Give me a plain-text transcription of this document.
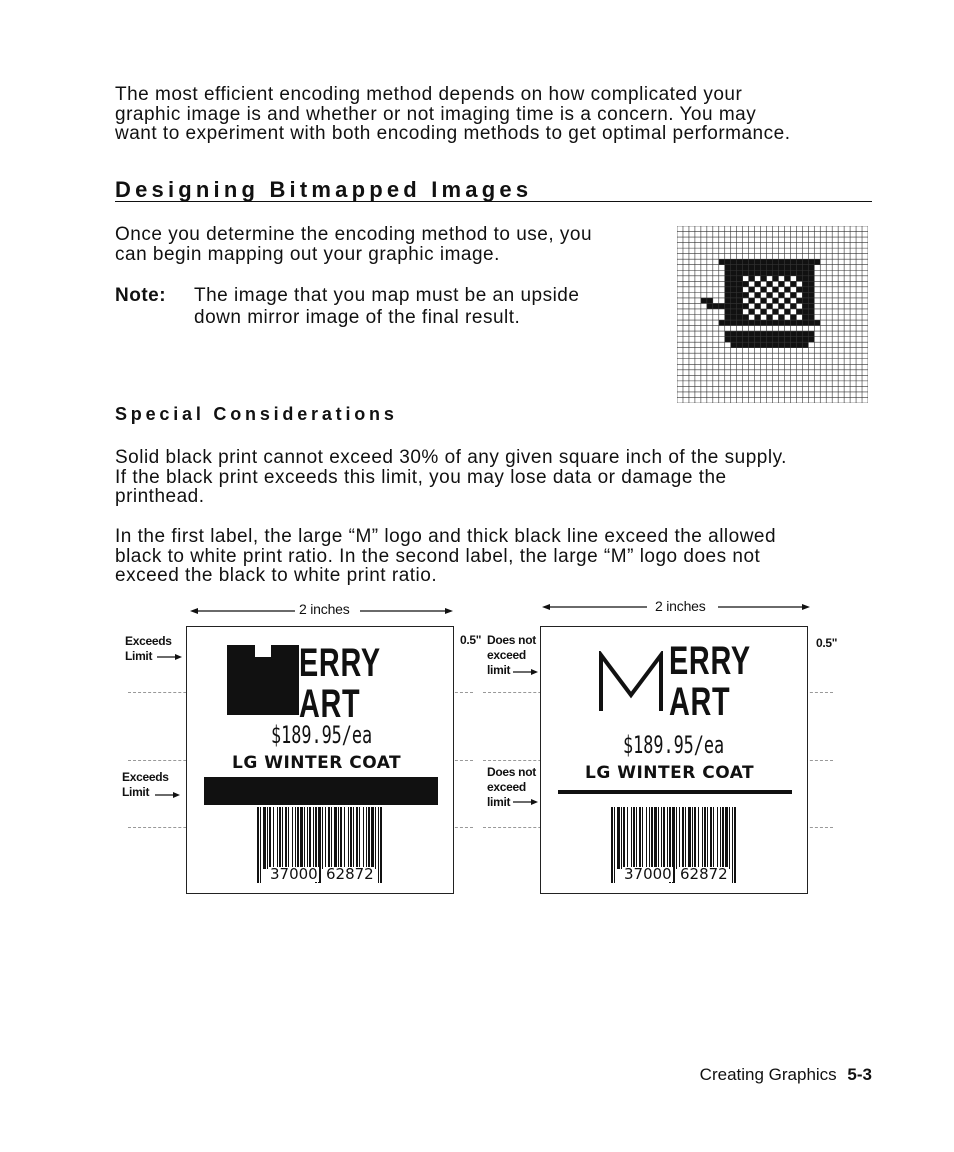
The most efficient encoding method depends on how complicated your
graphic image is and whether or not imaging time is a concern. You may
want to experiment with both encoding methods to get optimal performance.
Designing Bitmapped Images
Once you determine the encoding method to use, you
can begin mapping out your graphic image.
Note: The image that you map must be an upside
down mirror image of the final result.
Special Considerations
Solid black print cannot exceed 30% of any given square inch of the supply.
If the black print exceeds this limit, you may lose data or damage the
printhead.
In the first label, the large “M” logo and thick black line exceed the allowed
black to white print ratio. In the second label, the large “M” logo does not
exceed the black to white print ratio.
2 inches
Exceeds
Limit
Exceeds
Limit
0.5"
ERRY
ART
$189.95/ea
LG WINTER COAT
37000 62872
2 inches
Does not
exceed
limit
Does not
exceed
limit
0.5"
ERRY
ART
$189.95/ea
LG WINTER COAT
37000 62872
Creating Graphics 5-3
